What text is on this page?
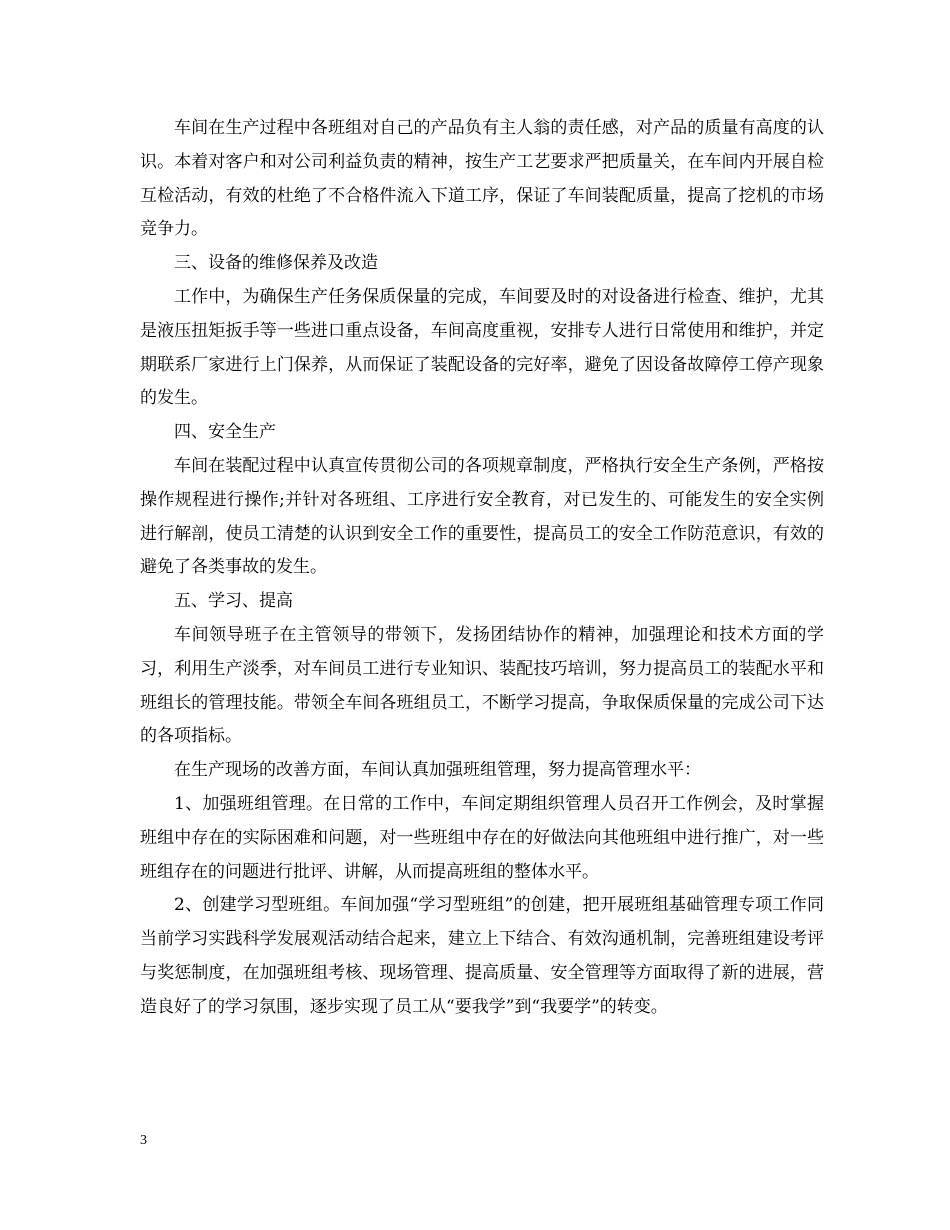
车间在生产过程中各班组对自己的产品负有主人翁的责任感，对产品的质量有高度的认识。本着对客户和对公司利益负责的精神，按生产工艺要求严把质量关，在车间内开展自检互检活动，有效的杜绝了不合格件流入下道工序，保证了车间装配质量，提高了挖机的市场竞争力。

三、设备的维修保养及改造

工作中，为确保生产任务保质保量的完成，车间要及时的对设备进行检查、维护，尤其是液压扭矩扳手等一些进口重点设备，车间高度重视，安排专人进行日常使用和维护，并定期联系厂家进行上门保养，从而保证了装配设备的完好率，避免了因设备故障停工停产现象的发生。

四、安全生产

车间在装配过程中认真宣传贯彻公司的各项规章制度，严格执行安全生产条例，严格按操作规程进行操作;并针对各班组、工序进行安全教育，对已发生的、可能发生的安全实例进行解剖，使员工清楚的认识到安全工作的重要性，提高员工的安全工作防范意识，有效的避免了各类事故的发生。

五、学习、提高

车间领导班子在主管领导的带领下，发扬团结协作的精神，加强理论和技术方面的学习，利用生产淡季，对车间员工进行专业知识、装配技巧培训，努力提高员工的装配水平和班组长的管理技能。带领全车间各班组员工，不断学习提高，争取保质保量的完成公司下达的各项指标。

在生产现场的改善方面，车间认真加强班组管理，努力提高管理水平：

1、加强班组管理。在日常的工作中，车间定期组织管理人员召开工作例会，及时掌握班组中存在的实际困难和问题，对一些班组中存在的好做法向其他班组中进行推广，对一些班组存在的问题进行批评、讲解，从而提高班组的整体水平。

2、创建学习型班组。车间加强“学习型班组”的创建，把开展班组基础管理专项工作同当前学习实践科学发展观活动结合起来，建立上下结合、有效沟通机制，完善班组建设考评与奖惩制度，在加强班组考核、现场管理、提高质量、安全管理等方面取得了新的进展，营造良好了的学习氛围，逐步实现了员工从“要我学”到“我要学”的转变。

3
